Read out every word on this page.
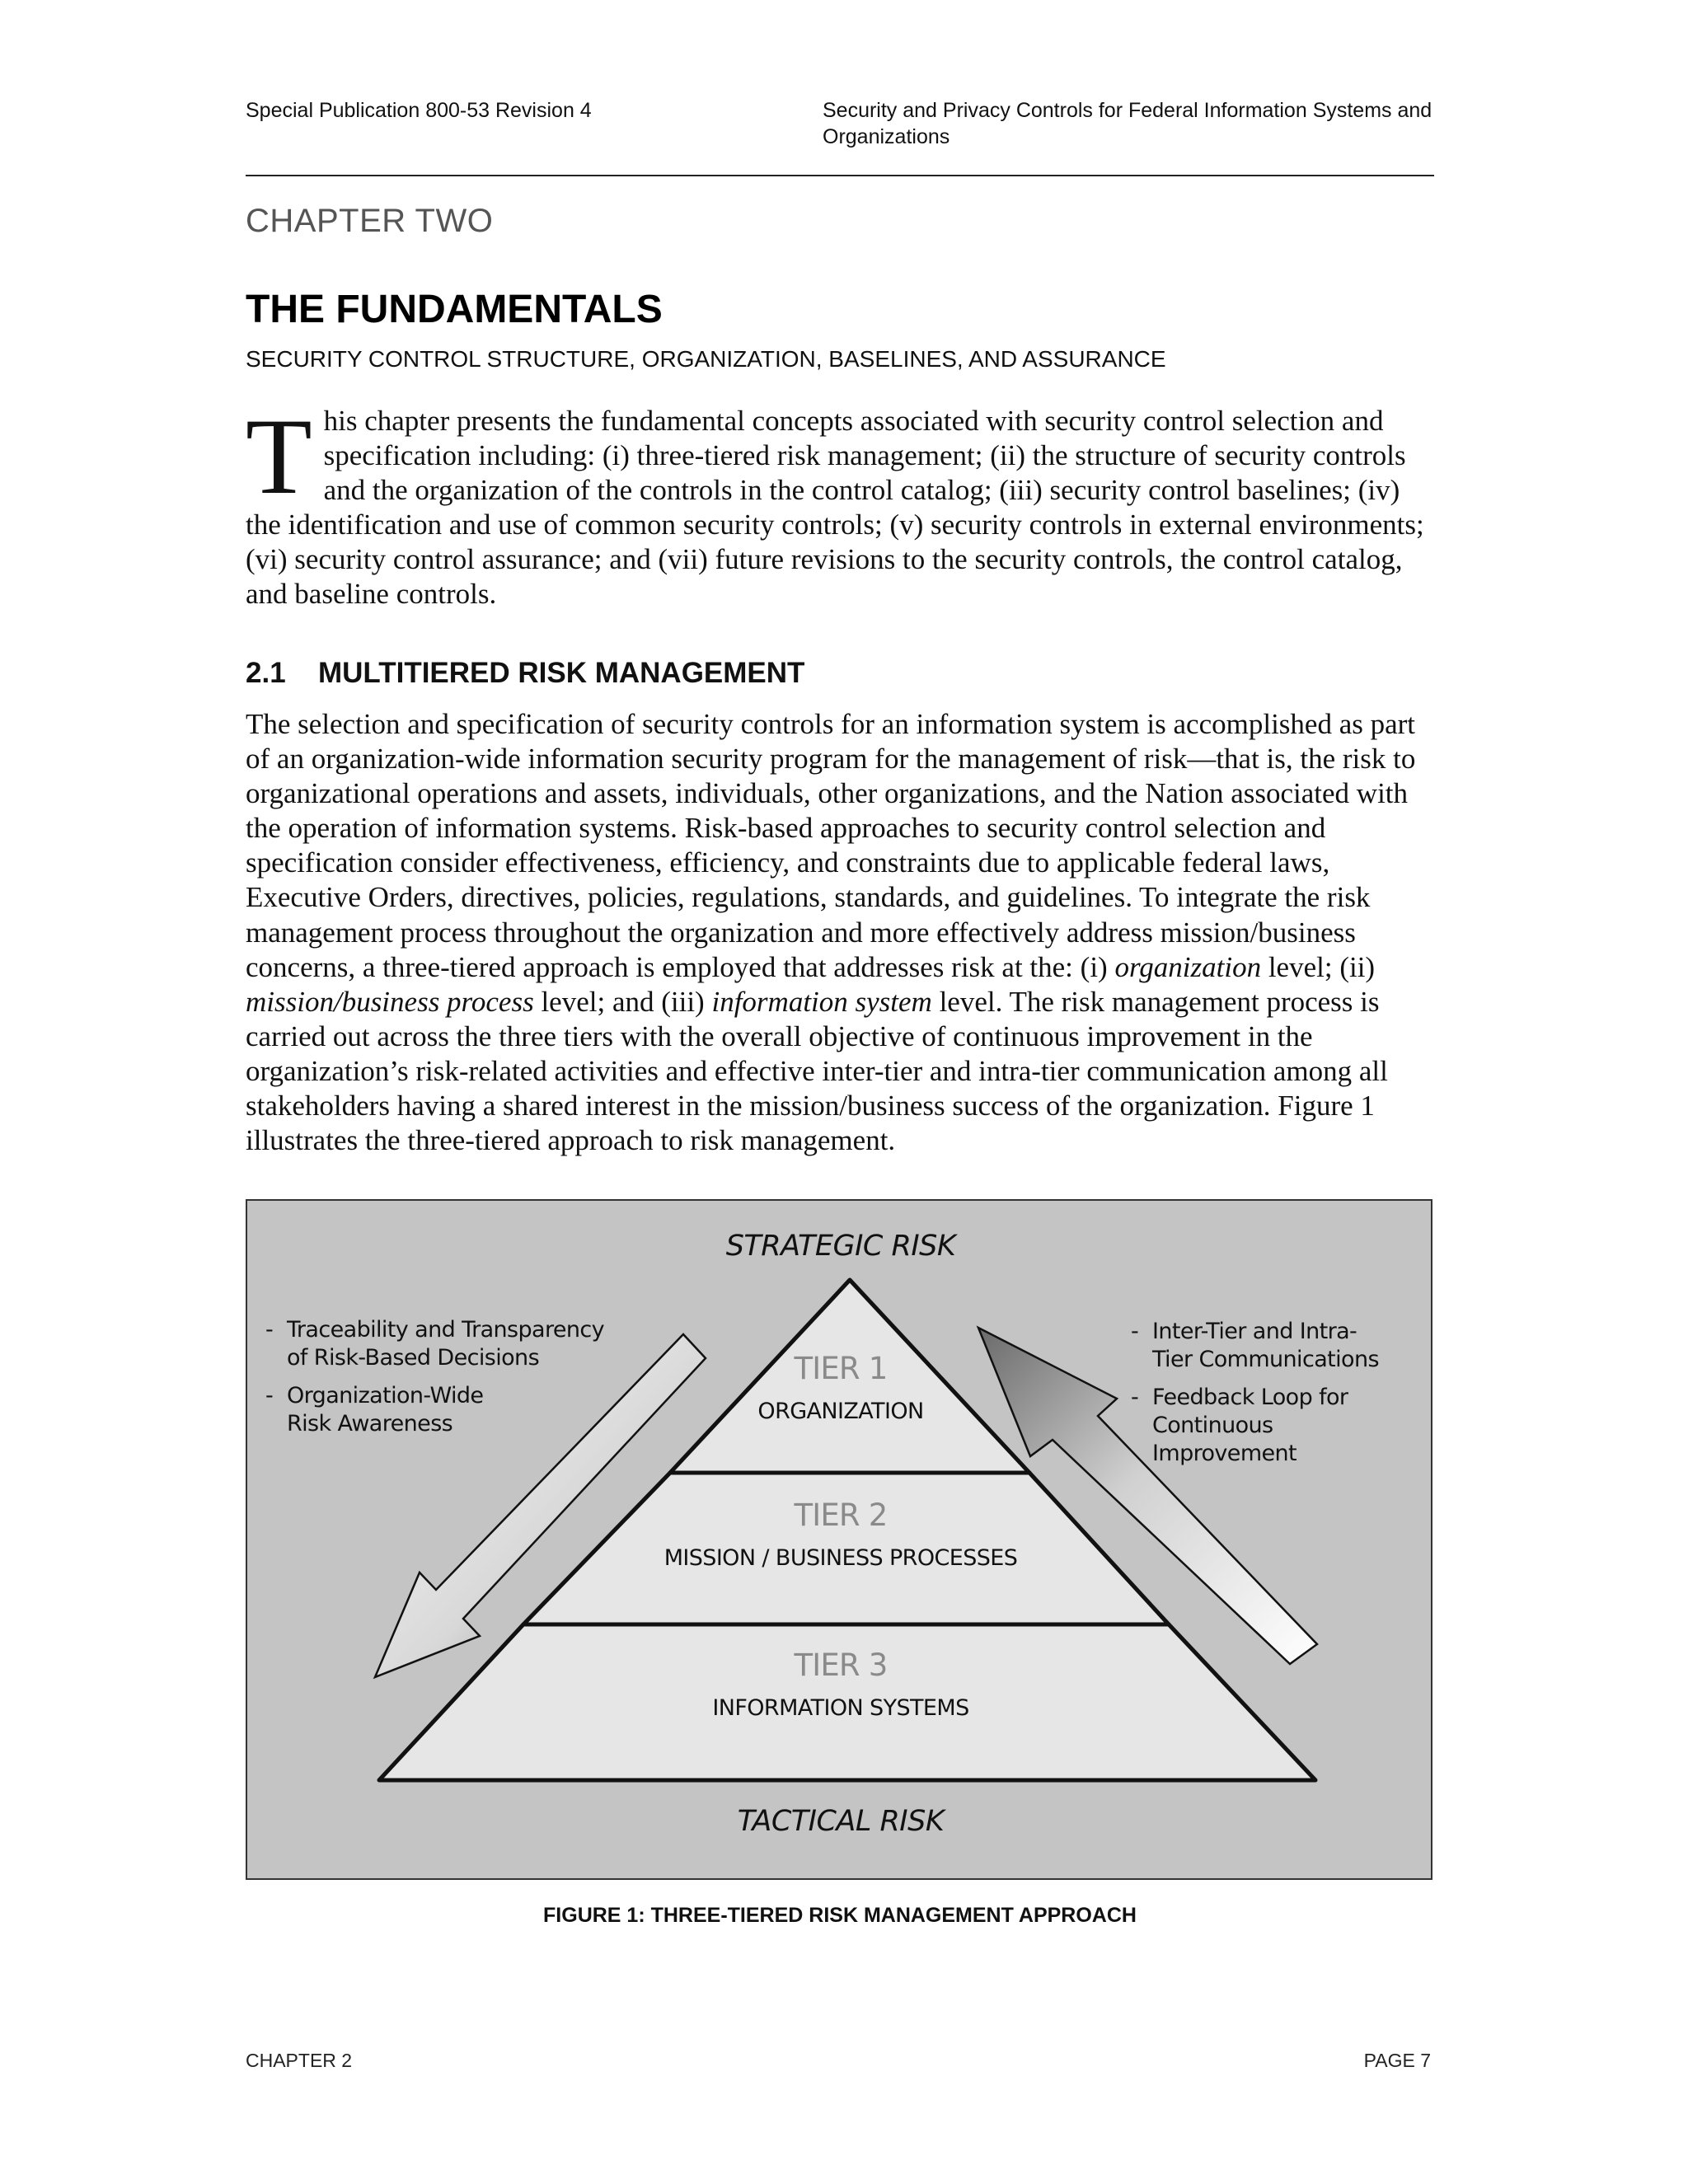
Special Publication 800-53 Revision 4	Security and Privacy Controls for Federal Information Systems and Organizations
CHAPTER TWO
THE FUNDAMENTALS
SECURITY CONTROL STRUCTURE, ORGANIZATION, BASELINES, AND ASSURANCE
This chapter presents the fundamental concepts associated with security control selection and specification including: (i) three-tiered risk management; (ii) the structure of security controls and the organization of the controls in the control catalog; (iii) security control baselines; (iv) the identification and use of common security controls; (v) security controls in external environments; (vi) security control assurance; and (vii) future revisions to the security controls, the control catalog, and baseline controls.
2.1 MULTITIERED RISK MANAGEMENT
The selection and specification of security controls for an information system is accomplished as part of an organization-wide information security program for the management of risk—that is, the risk to organizational operations and assets, individuals, other organizations, and the Nation associated with the operation of information systems. Risk-based approaches to security control selection and specification consider effectiveness, efficiency, and constraints due to applicable federal laws, Executive Orders, directives, policies, regulations, standards, and guidelines. To integrate the risk management process throughout the organization and more effectively address mission/business concerns, a three-tiered approach is employed that addresses risk at the: (i) organization level; (ii) mission/business process level; and (iii) information system level. The risk management process is carried out across the three tiers with the overall objective of continuous improvement in the organization’s risk-related activities and effective inter-tier and intra-tier communication among all stakeholders having a shared interest in the mission/business success of the organization. Figure 1 illustrates the three-tiered approach to risk management.
STRATEGIC RISK
TACTICAL RISK
- Traceability and Transparency of Risk-Based Decisions
- Organization-Wide Risk Awareness
- Inter-Tier and Intra-Tier Communications
- Feedback Loop for Continuous Improvement
TIER 1
ORGANIZATION
TIER 2
MISSION / BUSINESS PROCESSES
TIER 3
INFORMATION SYSTEMS
FIGURE 1: THREE-TIERED RISK MANAGEMENT APPROACH
CHAPTER 2	PAGE 7
